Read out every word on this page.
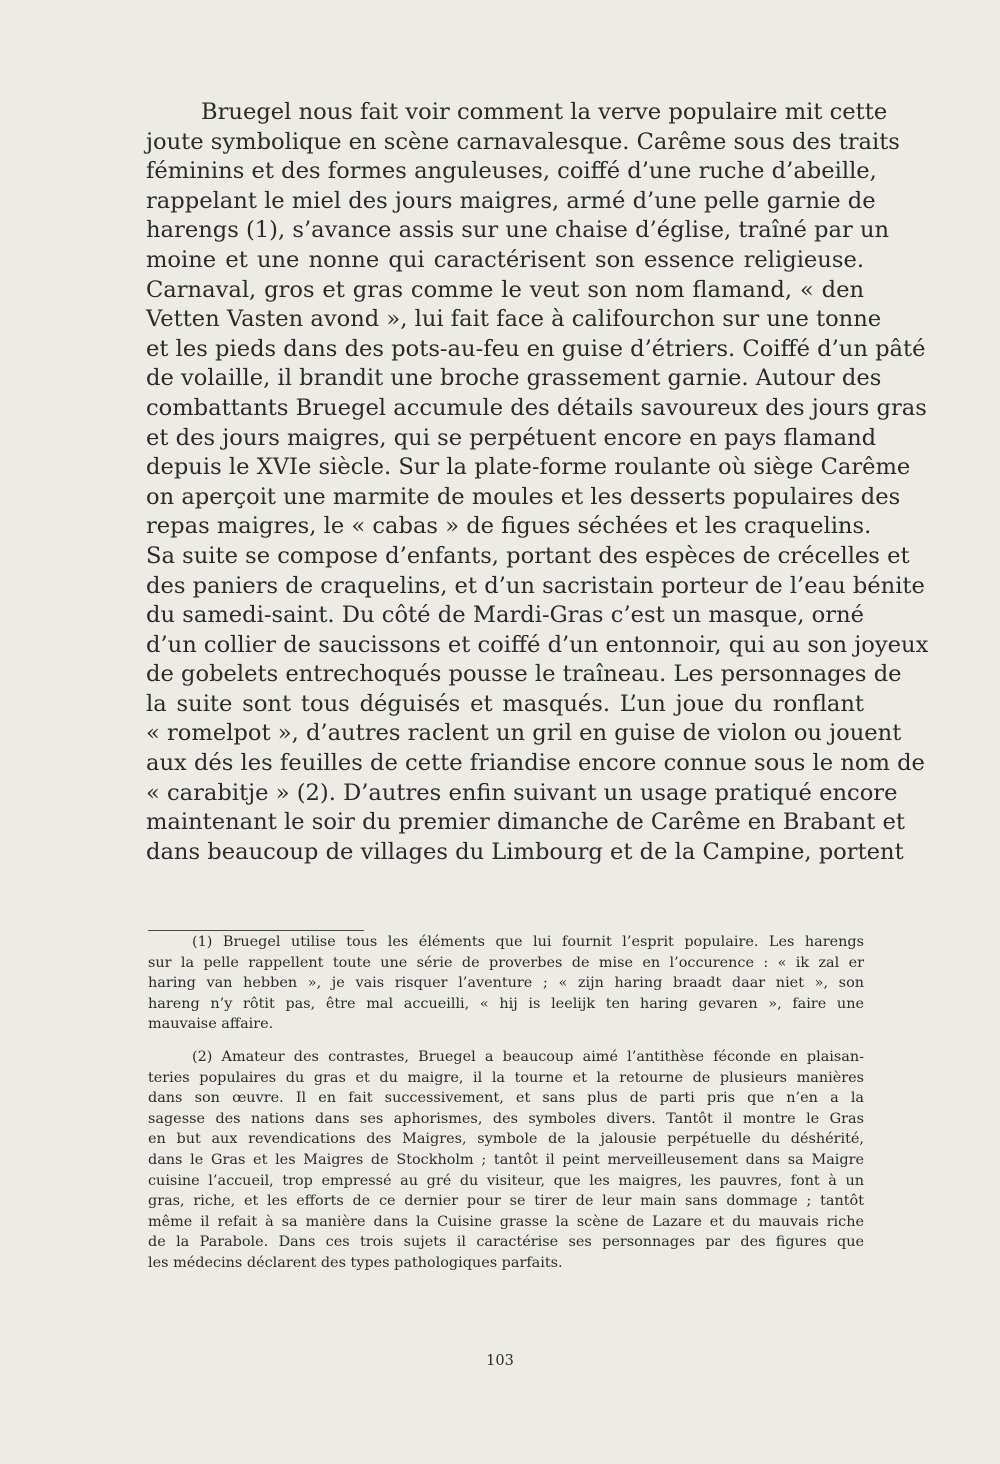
Bruegel nous fait voir comment la verve populaire mit cette
joute symbolique en scène carnavalesque. Carême sous des traits
féminins et des formes anguleuses, coiffé d’une ruche d’abeille,
rappelant le miel des jours maigres, armé d’une pelle garnie de
harengs (1), s’avance assis sur une chaise d’église, traîné par un
moine et une nonne qui caractérisent son essence religieuse.
Carnaval, gros et gras comme le veut son nom flamand, « den
Vetten Vasten avond », lui fait face à califourchon sur une tonne
et les pieds dans des pots-au-feu en guise d’étriers. Coiffé d’un pâté
de volaille, il brandit une broche grassement garnie. Autour des
combattants Bruegel accumule des détails savoureux des jours gras
et des jours maigres, qui se perpétuent encore en pays flamand
depuis le XVIe siècle. Sur la plate-forme roulante où siège Carême
on aperçoit une marmite de moules et les desserts populaires des
repas maigres, le « cabas » de figues séchées et les craquelins.
Sa suite se compose d’enfants, portant des espèces de crécelles et
des paniers de craquelins, et d’un sacristain porteur de l’eau bénite
du samedi-saint. Du côté de Mardi-Gras c’est un masque, orné
d’un collier de saucissons et coiffé d’un entonnoir, qui au son joyeux
de gobelets entrechoqués pousse le traîneau. Les personnages de
la suite sont tous déguisés et masqués. L’un joue du ronflant
« romelpot », d’autres raclent un gril en guise de violon ou jouent
aux dés les feuilles de cette friandise encore connue sous le nom de
« carabitje » (2). D’autres enfin suivant un usage pratiqué encore
maintenant le soir du premier dimanche de Carême en Brabant et
dans beaucoup de villages du Limbourg et de la Campine, portent
(1) Bruegel utilise tous les éléments que lui fournit l’esprit populaire. Les harengs
sur la pelle rappellent toute une série de proverbes de mise en l’occurence : « ik zal er
haring van hebben », je vais risquer l’aventure ; « zijn haring braadt daar niet », son
hareng n’y rôtit pas, être mal accueilli, « hij is leelijk ten haring gevaren », faire une
mauvaise affaire.
(2) Amateur des contrastes, Bruegel a beaucoup aimé l’antithèse féconde en plaisan-
teries populaires du gras et du maigre, il la tourne et la retourne de plusieurs manières
dans son œuvre. Il en fait successivement, et sans plus de parti pris que n’en a la
sagesse des nations dans ses aphorismes, des symboles divers. Tantôt il montre le Gras
en but aux revendications des Maigres, symbole de la jalousie perpétuelle du déshérité,
dans le Gras et les Maigres de Stockholm ; tantôt il peint merveilleusement dans sa Maigre
cuisine l’accueil, trop empressé au gré du visiteur, que les maigres, les pauvres, font à un
gras, riche, et les efforts de ce dernier pour se tirer de leur main sans dommage ; tantôt
même il refait à sa manière dans la Cuisine grasse la scène de Lazare et du mauvais riche
de la Parabole. Dans ces trois sujets il caractérise ses personnages par des figures que
les médecins déclarent des types pathologiques parfaits.
103
